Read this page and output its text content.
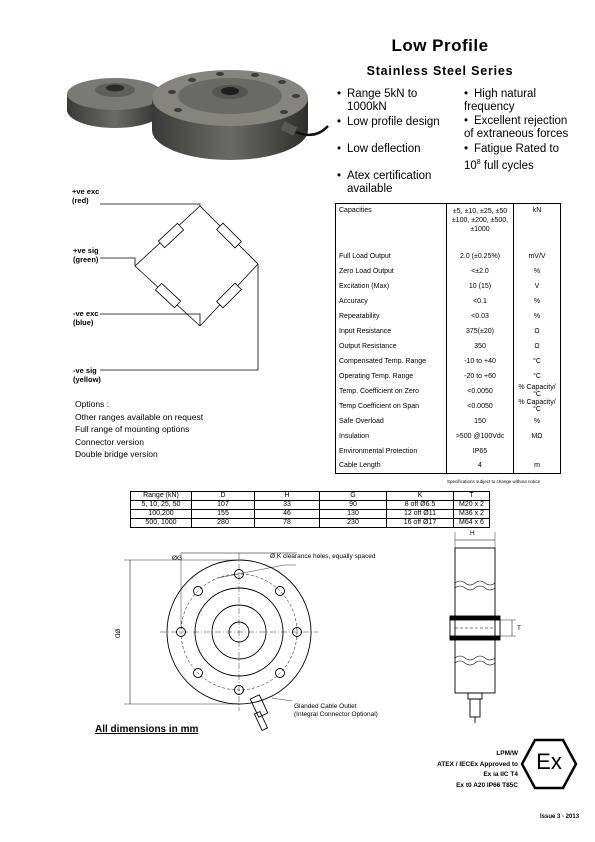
Low Profile
Stainless Steel Series
• Range 5kN to
1000kN
• Low profile design
• Low deflection
• Atex certification
available
• High natural
frequency
• Excellent rejection
of extraneous forces
• Fatigue Rated to
$10^8$ full cycles
+ve exc
(red)
+ve sig
(green)
-ve exc
(blue)
-ve sig
(yellow)
Options :
Other ranges available on request
Full range of mounting options
Connector version
Double bridge version
Capacities	±5, ±10, ±25, ±50 ±100, ±200, ±500, ±1000	kN
Full Load Output	2.0 (±0.25%)	mV/V
Zero Load Output	<±2.0	%
Excitation (Max)	10 (15)	V
Accuracy	<0.1	%
Repeatability	<0.03	%
Input Resistance	375(±20)	Ω
Output Resistance	350	Ω
Compensated Temp. Range	-10 to +40	°C
Operating Temp. Range	-20 to +60	°C
Temp. Coefficient on Zero	<0.0050	% Capacity/°C
Temp Coefficient on Span	<0.0050	% Capacity/°C
Safe Overload	150	%
Insulation	>500 @100Vdc	MΩ
Environmental Protection	IP65	
Cable Length	4	m
Specifications subject to change without notice
Range (kN)	D	H	G	K	T
5, 10, 25, 50	107	33	90	8 off Ø6.5	M20 x 2
100,200	155	46	130	12 off Ø11	M36 x 2
500, 1000	280	78	230	16 off Ø17	M64 x 6
ØG
ØD
Ø K clearance holes, equally spaced
Glanded Cable Outlet
(Integral Connector Optional)
All dimensions in mm
H
T
LPM/W
ATEX / IECEx Approved to
Ex ia IIC T4
Ex t0 A20 IP66 T85C
Ex
Issue 3 - 2013
